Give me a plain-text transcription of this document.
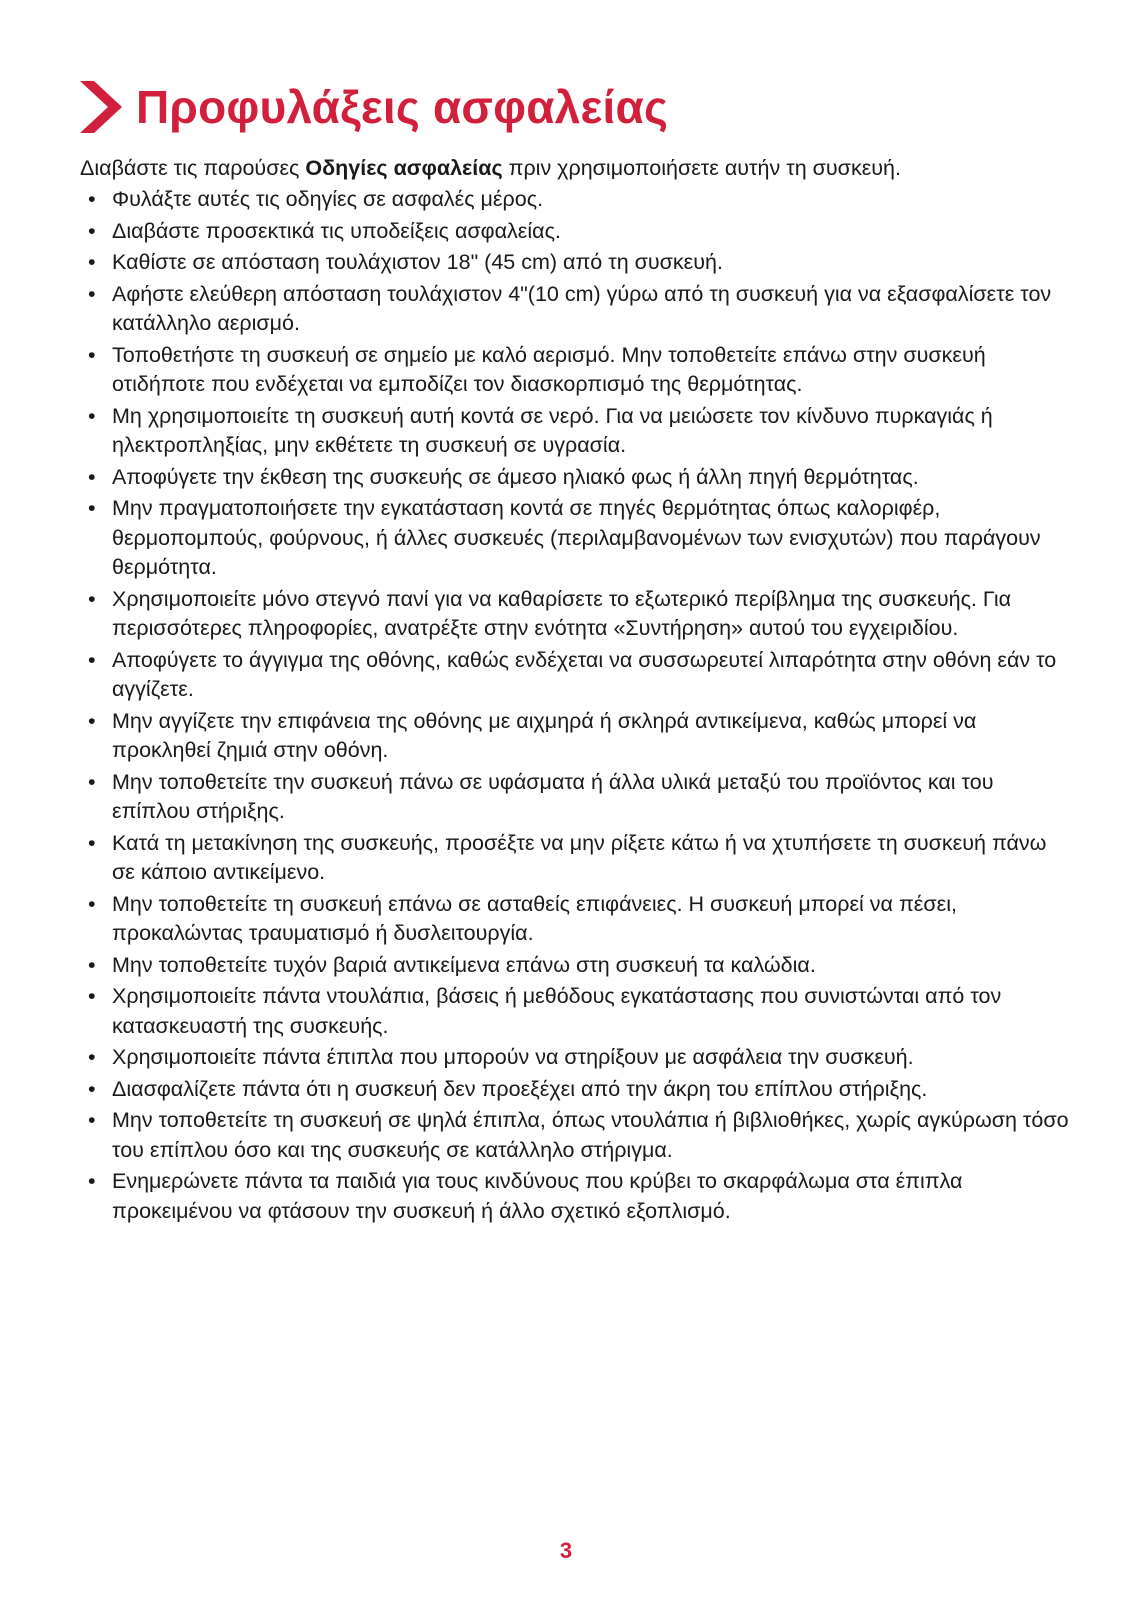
Προφυλάξεις ασφαλείας

Διαβάστε τις παρούσες Οδηγίες ασφαλείας πριν χρησιμοποιήσετε αυτήν τη συσκευή.

• Φυλάξτε αυτές τις οδηγίες σε ασφαλές μέρος.
• Διαβάστε προσεκτικά τις υποδείξεις ασφαλείας.
• Καθίστε σε απόσταση τουλάχιστον 18" (45 cm) από τη συσκευή.
• Αφήστε ελεύθερη απόσταση τουλάχιστον 4"(10 cm) γύρω από τη συσκευή για να εξασφαλίσετε τον κατάλληλο αερισμό.
• Τοποθετήστε τη συσκευή σε σημείο με καλό αερισμό. Μην τοποθετείτε επάνω στην συσκευή οτιδήποτε που ενδέχεται να εμποδίζει τον διασκορπισμό της θερμότητας.
• Μη χρησιμοποιείτε τη συσκευή αυτή κοντά σε νερό. Για να μειώσετε τον κίνδυνο πυρκαγιάς ή ηλεκτροπληξίας, μην εκθέτετε τη συσκευή σε υγρασία.
• Αποφύγετε την έκθεση της συσκευής σε άμεσο ηλιακό φως ή άλλη πηγή θερμότητας.
• Μην πραγματοποιήσετε την εγκατάσταση κοντά σε πηγές θερμότητας όπως καλοριφέρ, θερμοπομπούς, φούρνους, ή άλλες συσκευές (περιλαμβανομένων των ενισχυτών) που παράγουν θερμότητα.
• Χρησιμοποιείτε μόνο στεγνό πανί για να καθαρίσετε το εξωτερικό περίβλημα της συσκευής. Για περισσότερες πληροφορίες, ανατρέξτε στην ενότητα «Συντήρηση» αυτού του εγχειριδίου.
• Αποφύγετε το άγγιγμα της οθόνης, καθώς ενδέχεται να συσσωρευτεί λιπαρότητα στην οθόνη εάν το αγγίζετε.
• Μην αγγίζετε την επιφάνεια της οθόνης με αιχμηρά ή σκληρά αντικείμενα, καθώς μπορεί να προκληθεί ζημιά στην οθόνη.
• Μην τοποθετείτε την συσκευή πάνω σε υφάσματα ή άλλα υλικά μεταξύ του προϊόντος και του επίπλου στήριξης.
• Κατά τη μετακίνηση της συσκευής, προσέξτε να μην ρίξετε κάτω ή να χτυπήσετε τη συσκευή πάνω σε κάποιο αντικείμενο.
• Μην τοποθετείτε τη συσκευή επάνω σε ασταθείς επιφάνειες. Η συσκευή μπορεί να πέσει, προκαλώντας τραυματισμό ή δυσλειτουργία.
• Μην τοποθετείτε τυχόν βαριά αντικείμενα επάνω στη συσκευή τα καλώδια.
• Χρησιμοποιείτε πάντα ντουλάπια, βάσεις ή μεθόδους εγκατάστασης που συνιστώνται από τον κατασκευαστή της συσκευής.
• Χρησιμοποιείτε πάντα έπιπλα που μπορούν να στηρίξουν με ασφάλεια την συσκευή.
• Διασφαλίζετε πάντα ότι η συσκευή δεν προεξέχει από την άκρη του επίπλου στήριξης.
• Μην τοποθετείτε τη συσκευή σε ψηλά έπιπλα, όπως ντουλάπια ή βιβλιοθήκες, χωρίς αγκύρωση τόσο του επίπλου όσο και της συσκευής σε κατάλληλο στήριγμα.
• Ενημερώνετε πάντα τα παιδιά για τους κινδύνους που κρύβει το σκαρφάλωμα στα έπιπλα προκειμένου να φτάσουν την συσκευή ή άλλο σχετικό εξοπλισμό.
3
